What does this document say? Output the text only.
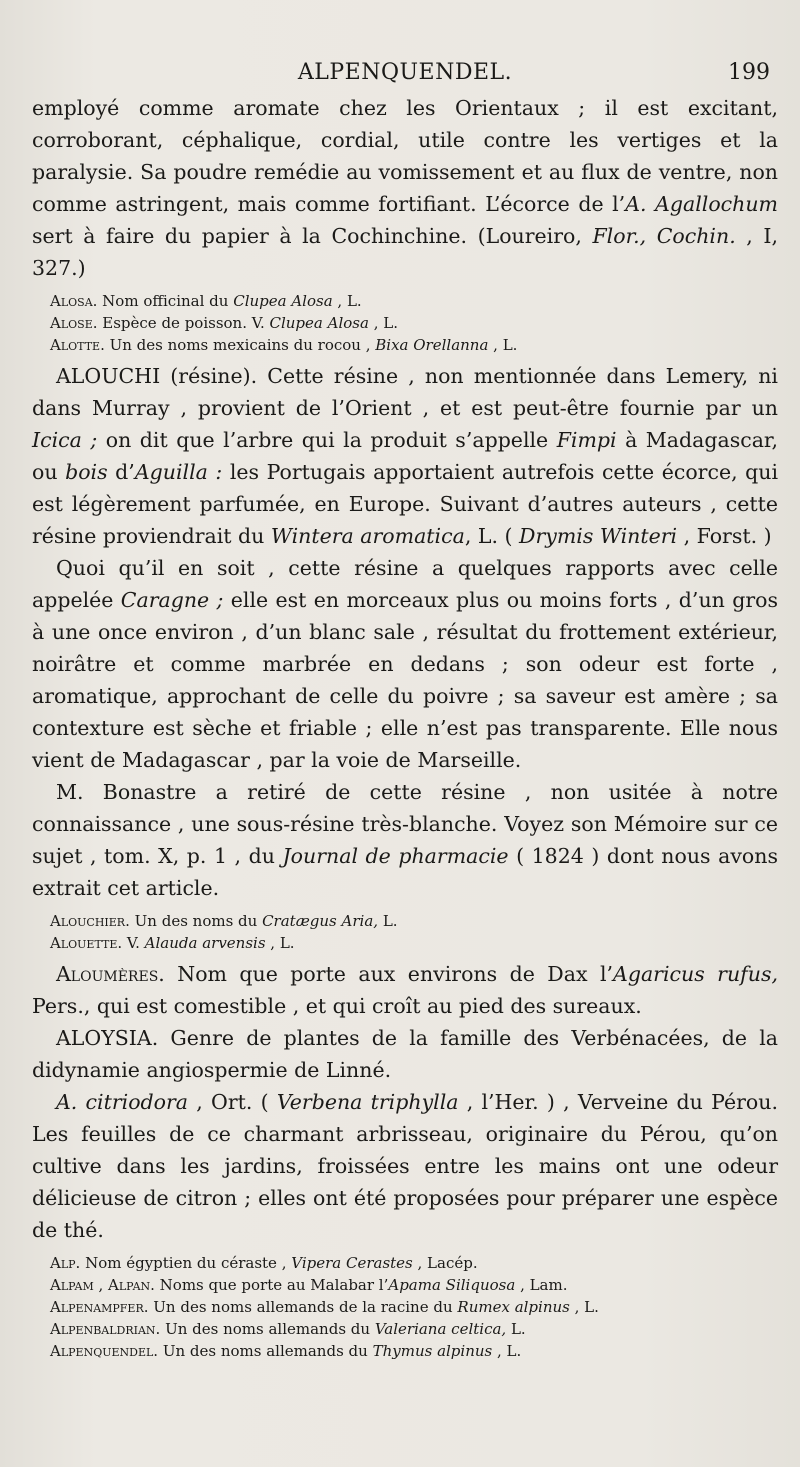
ALPENQUENDEL.	199

employé comme aromate chez les Orientaux ; il est excitant, corroborant, céphalique, cordial, utile contre les vertiges et la paralysie. Sa poudre remédie au vomissement et au flux de ventre, non comme astringent, mais comme fortifiant. L’écorce de l’A. Agallochum sert à faire du papier à la Cochinchine. (Loureiro, Flor., Cochin. , I, 327.)

Alosa. Nom officinal du Clupea Alosa , L.

Alose. Espèce de poisson. V. Clupea Alosa , L.

Alotte. Un des noms mexicains du rocou , Bixa Orellanna , L.

ALOUCHI (résine). Cette résine , non mentionnée dans Lemery, ni dans Murray , provient de l’Orient , et est peut-être fournie par un Icica ; on dit que l’arbre qui la produit s’appelle Fimpi à Madagascar, ou bois d’Aguilla : les Portugais apportaient autrefois cette écorce, qui est légèrement parfumée, en Europe. Suivant d’autres auteurs , cette résine proviendrait du Wintera aromatica, L. ( Drymis Winteri , Forst. )

Quoi qu’il en soit , cette résine a quelques rapports avec celle appelée Caragne ; elle est en morceaux plus ou moins forts , d’un gros à une once environ , d’un blanc sale , résultat du frottement extérieur, noirâtre et comme marbrée en dedans ; son odeur est forte , aromatique, approchant de celle du poivre ; sa saveur est amère ; sa contexture est sèche et friable ; elle n’est pas transparente. Elle nous vient de Madagascar , par la voie de Marseille.

M. Bonastre a retiré de cette résine , non usitée à notre connaissance , une sous-résine très-blanche. Voyez son Mémoire sur ce sujet , tom. X, p. 1 , du Journal de pharmacie ( 1824 ) dont nous avons extrait cet article.

Alouchier. Un des noms du Cratægus Aria, L.

Alouette. V. Alauda arvensis , L.

Aloumères. Nom que porte aux environs de Dax l’Agaricus rufus, Pers., qui est comestible , et qui croît au pied des sureaux.

ALOYSIA. Genre de plantes de la famille des Verbénacées, de la didynamie angiospermie de Linné.

A. citriodora , Ort. ( Verbena triphylla , l’Her. ) , Verveine du Pérou. Les feuilles de ce charmant arbrisseau, originaire du Pérou, qu’on cultive dans les jardins, froissées entre les mains ont une odeur délicieuse de citron ; elles ont été proposées pour préparer une espèce de thé.

Alp. Nom égyptien du céraste , Vipera Cerastes , Lacép.

Alpam , Alpan. Noms que porte au Malabar l’Apama Siliquosa , Lam.

Alpenampfer. Un des noms allemands de la racine du Rumex alpinus , L.

Alpenbaldrian. Un des noms allemands du Valeriana celtica, L.

Alpenquendel. Un des noms allemands du Thymus alpinus , L.
